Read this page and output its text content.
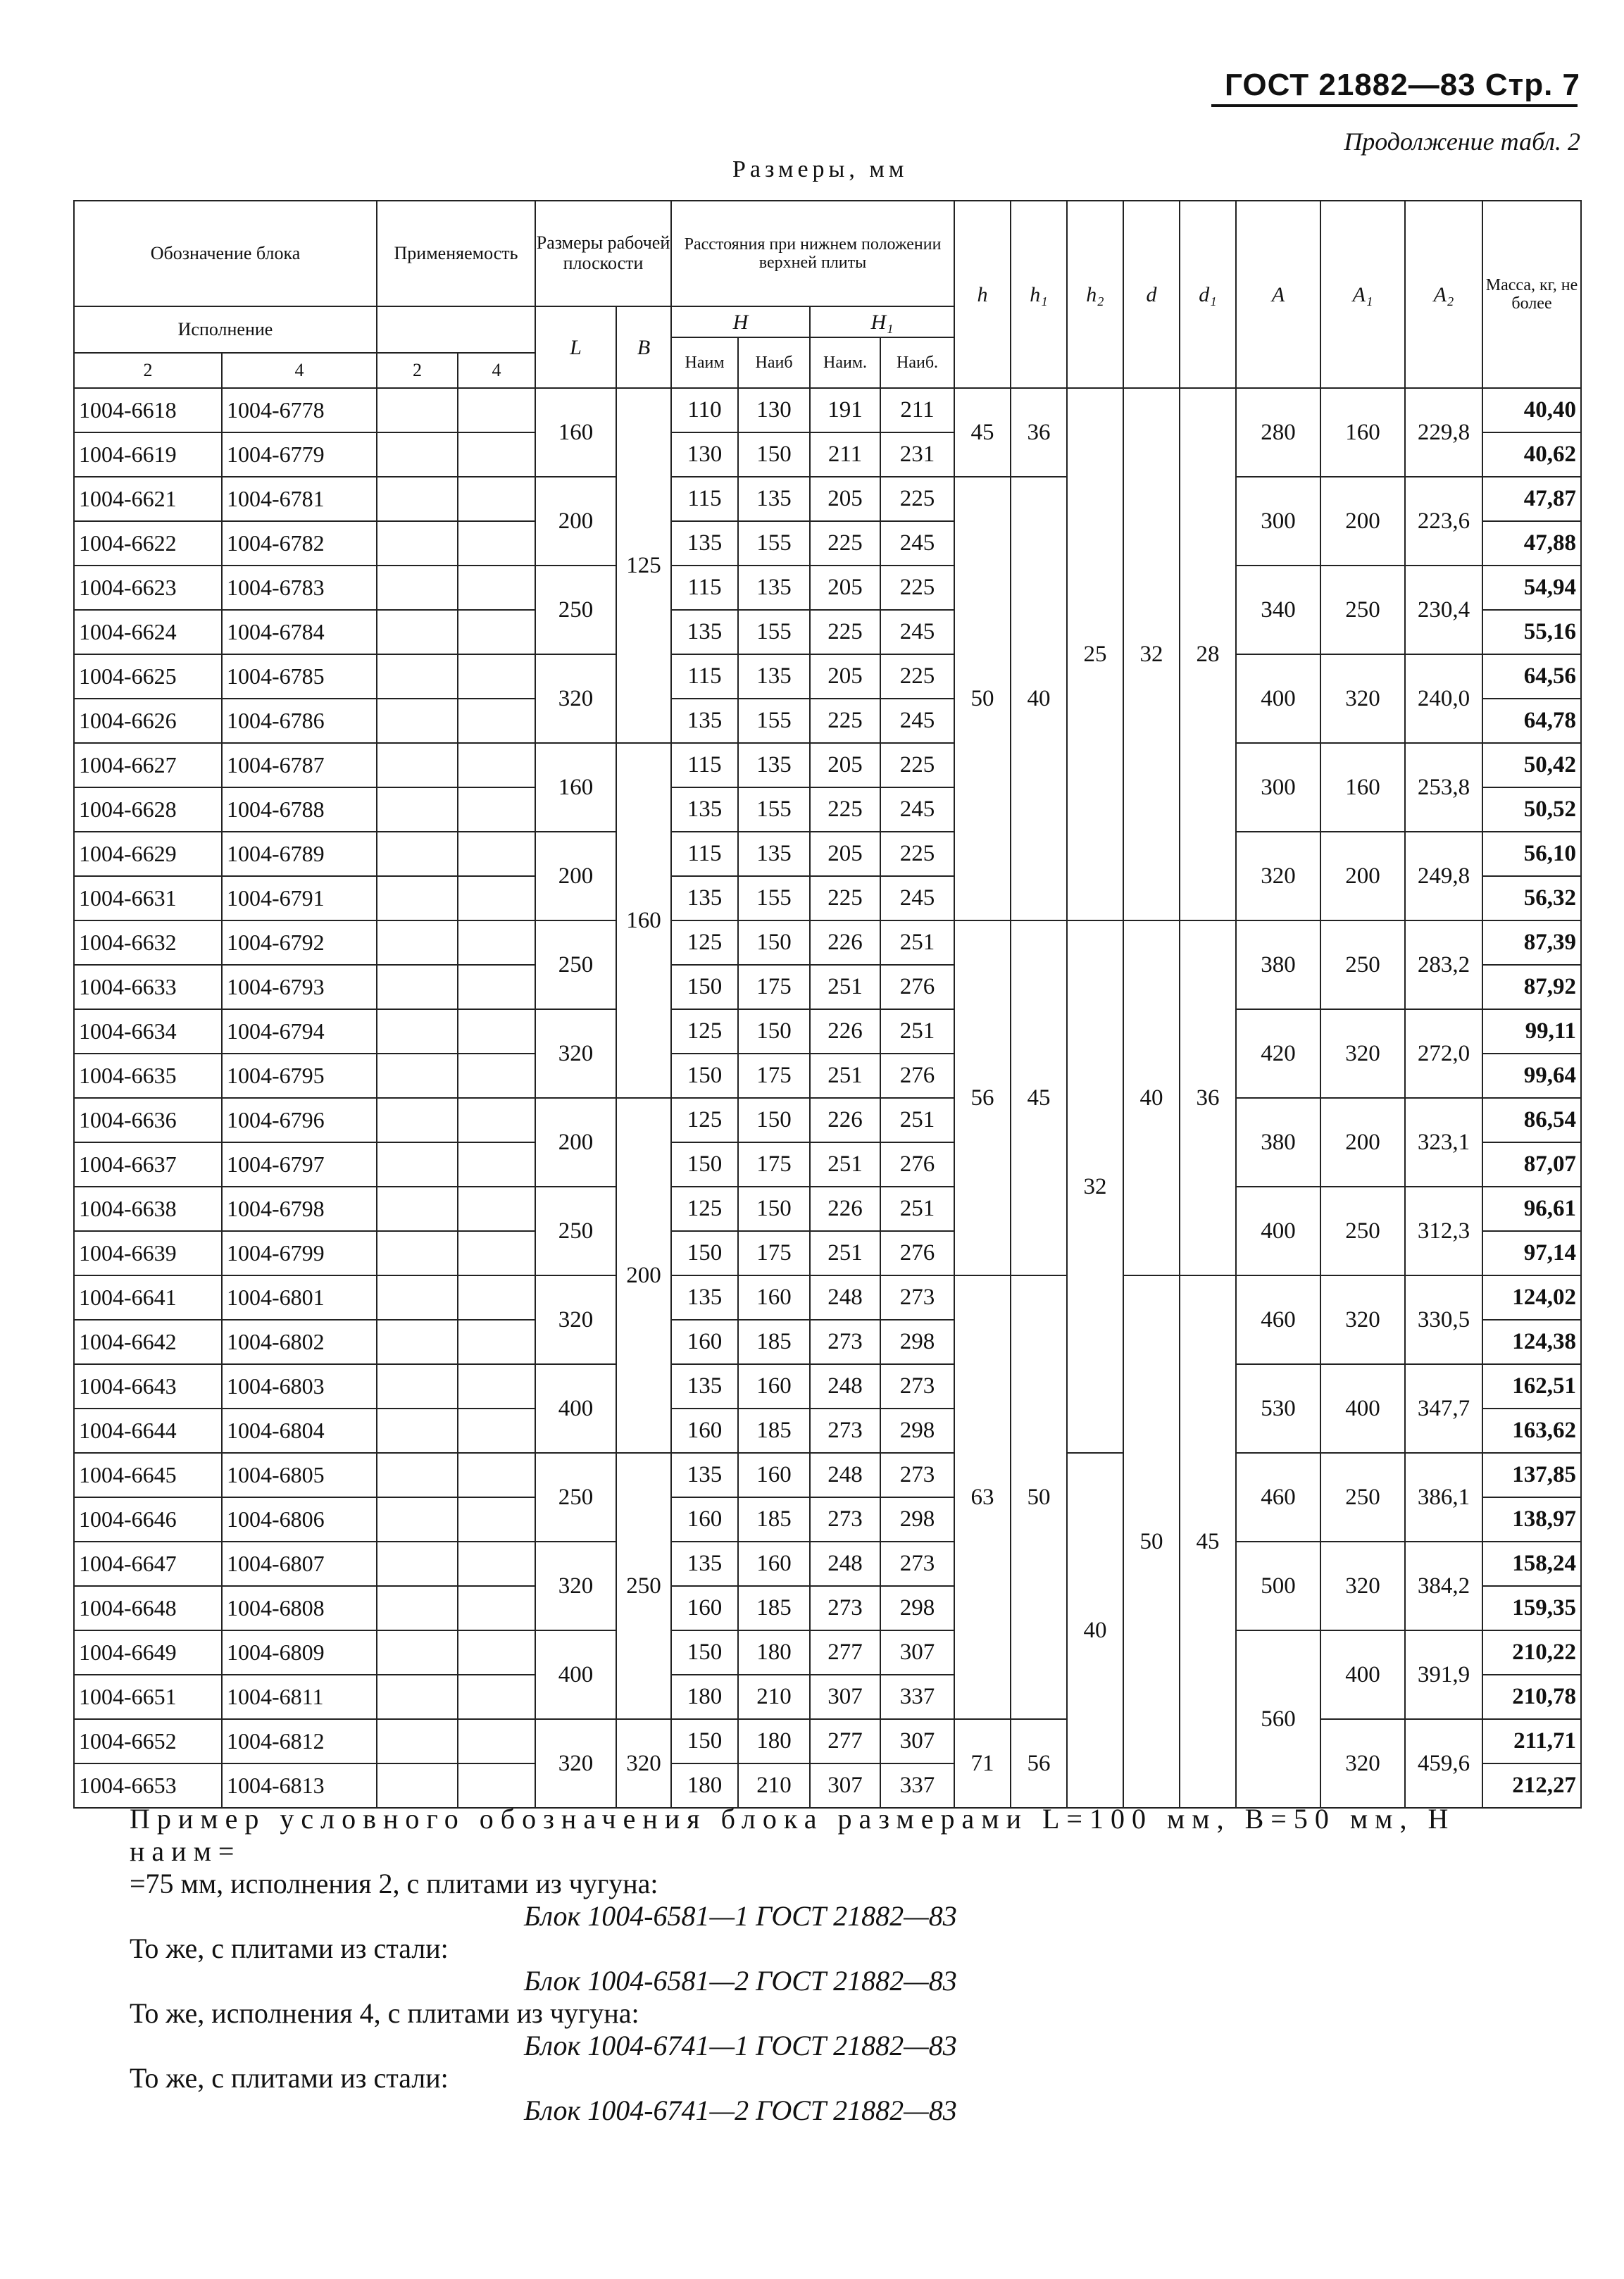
ГОСТ 21882—83 Стр. 7
Продолжение табл. 2
Размеры, мм
Обозначение блока		Применяемость		Размеры рабочей плоскости		Расстояния при нижнем положении верхней плиты				h	h₁	h₂	d	d₁	A	A₁	A₂	Масса, кг, не более
Исполнение				L	B	H		H₁										
						Наим	Наиб	Наим.	Наиб.									
2	4	2	4															
1004-6618	1004-6778			160	125	110	130	191	211	45	36	25	32	28	280	160	229,8	40,40
1004-6619	1004-6779					130	150	211	231									40,62
1004-6621	1004-6781			200		115	135	205	225	50	40				300	200	223,6	47,87
1004-6622	1004-6782					135	155	225	245									47,88
1004-6623	1004-6783			250		115	135	205	225						340	250	230,4	54,94
1004-6624	1004-6784					135	155	225	245									55,16
1004-6625	1004-6785			320		115	135	205	225						400	320	240,0	64,56
1004-6626	1004-6786					135	155	225	245									64,78
1004-6627	1004-6787			160	160	115	135	205	225						300	160	253,8	50,42
1004-6628	1004-6788					135	155	225	245									50,52
1004-6629	1004-6789			200		115	135	205	225						320	200	249,8	56,10
1004-6631	1004-6791					135	155	225	245									56,32
1004-6632	1004-6792			250		125	150	226	251	56	45	32	40	36	380	250	283,2	87,39
1004-6633	1004-6793					150	175	251	276									87,92
1004-6634	1004-6794			320		125	150	226	251						420	320	272,0	99,11
1004-6635	1004-6795					150	175	251	276									99,64
1004-6636	1004-6796			200	200	125	150	226	251						380	200	323,1	86,54
1004-6637	1004-6797					150	175	251	276									87,07
1004-6638	1004-6798			250		125	150	226	251						400	250	312,3	96,61
1004-6639	1004-6799					150	175	251	276									97,14
1004-6641	1004-6801			320		135	160	248	273	63	50		50	45	460	320	330,5	124,02
1004-6642	1004-6802					160	185	273	298									124,38
1004-6643	1004-6803			400		135	160	248	273						530	400	347,7	162,51
1004-6644	1004-6804					160	185	273	298									163,62
1004-6645	1004-6805			250	250	135	160	248	273			40			460	250	386,1	137,85
1004-6646	1004-6806					160	185	273	298									138,97
1004-6647	1004-6807			320		135	160	248	273						500	320	384,2	158,24
1004-6648	1004-6808					160	185	273	298									159,35
1004-6649	1004-6809			400		150	180	277	307						560	400	391,9	210,22
1004-6651	1004-6811					180	210	307	337									210,78
1004-6652	1004-6812			320	320	150	180	277	307	71	56					320	459,6	211,71
1004-6653	1004-6813					180	210	307	337									212,27

Пример условного обозначения блока размерами L=100 мм, B=50 мм, H наим=

=75 мм, исполнения 2, с плитами из чугуна:

Блок 1004-6581—1 ГОСТ 21882—83

То же, с плитами из стали:

Блок 1004-6581—2 ГОСТ 21882—83

То же, исполнения 4, с плитами из чугуна:

Блок 1004-6741—1 ГОСТ 21882—83

То же, с плитами из стали:

Блок 1004-6741—2 ГОСТ 21882—83
